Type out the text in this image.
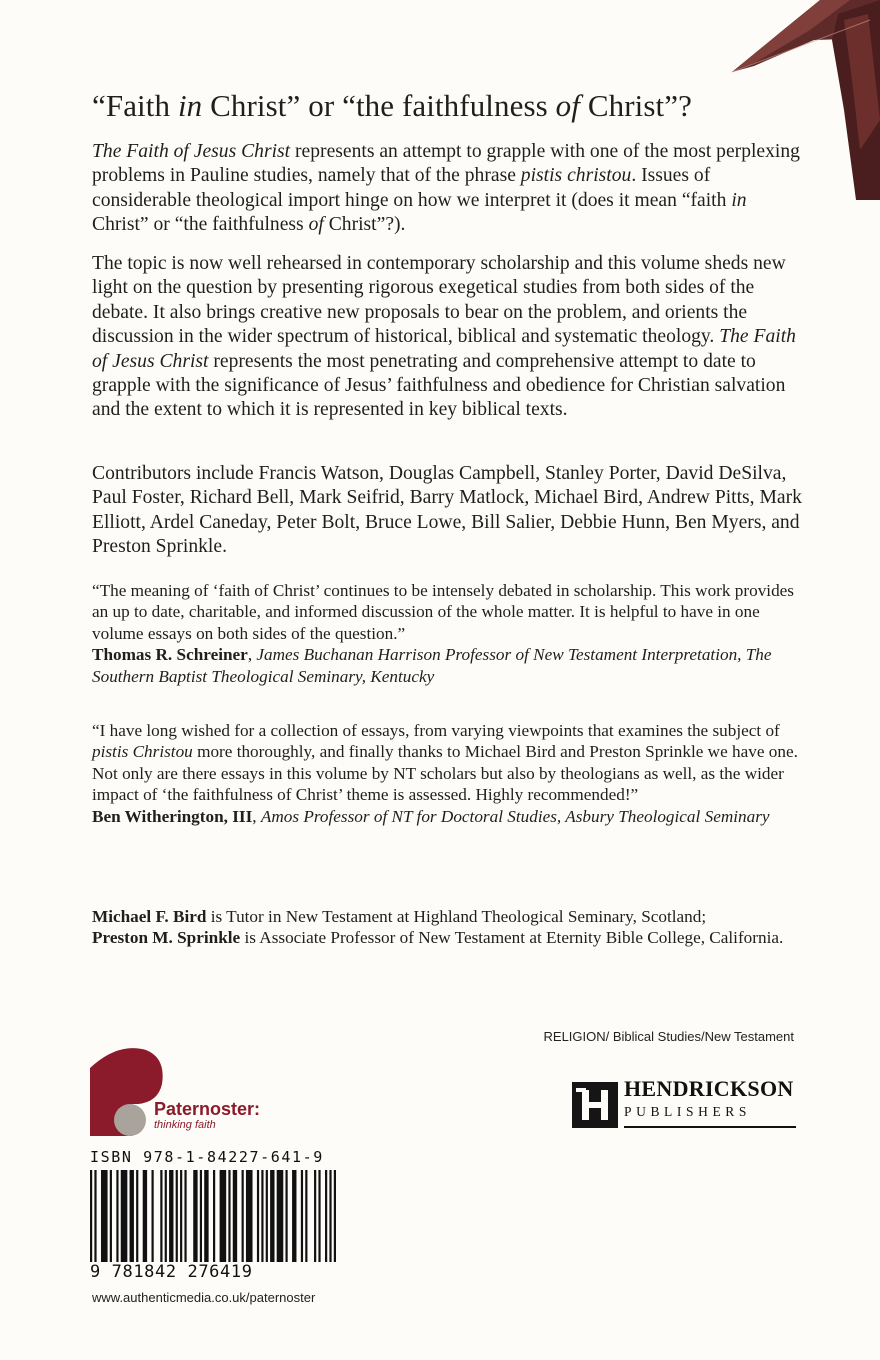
“Faith in Christ” or “the faithfulness of Christ”?

The Faith of Jesus Christ represents an attempt to grapple with one of the most perplexing problems in Pauline studies, namely that of the phrase pistis christou. Issues of considerable theological import hinge on how we interpret it (does it mean “faith in Christ” or “the faithfulness of Christ”?).

The topic is now well rehearsed in contemporary scholarship and this volume sheds new light on the question by presenting rigorous exegetical studies from both sides of the debate. It also brings creative new proposals to bear on the problem, and orients the discussion in the wider spectrum of historical, biblical and systematic theology. The Faith of Jesus Christ represents the most penetrating and comprehensive attempt to date to grapple with the significance of Jesus’ faithfulness and obedience for Christian salvation and the extent to which it is represented in key biblical texts.

Contributors include Francis Watson, Douglas Campbell, Stanley Porter, David DeSilva, Paul Foster, Richard Bell, Mark Seifrid, Barry Matlock, Michael Bird, Andrew Pitts, Mark Elliott, Ardel Caneday, Peter Bolt, Bruce Lowe, Bill Salier, Debbie Hunn, Ben Myers, and Preston Sprinkle.

“The meaning of ‘faith of Christ’ continues to be intensely debated in scholarship. This work provides an up to date, charitable, and informed discussion of the whole matter. It is helpful to have in one volume essays on both sides of the question.”
Thomas R. Schreiner, James Buchanan Harrison Professor of New Testament Interpretation, The Southern Baptist Theological Seminary, Kentucky

“I have long wished for a collection of essays, from varying viewpoints that examines the subject of pistis Christou more thoroughly, and finally thanks to Michael Bird and Preston Sprinkle we have one. Not only are there essays in this volume by NT scholars but also by theologians as well, as the wider impact of ‘the faithfulness of Christ’ theme is assessed. Highly recommended!”
Ben Witherington, III, Amos Professor of NT for Doctoral Studies, Asbury Theological Seminary

Michael F. Bird is Tutor in New Testament at Highland Theological Seminary, Scotland;
Preston M. Sprinkle is Associate Professor of New Testament at Eternity Bible College, California.

RELIGION/ Biblical Studies/New Testament

Paternoster:

thinking faith

HENDRICKSON

PUBLISHERS

ISBN 978-1-84227-641-9

9 781842 276419

www.authenticmedia.co.uk/paternoster
